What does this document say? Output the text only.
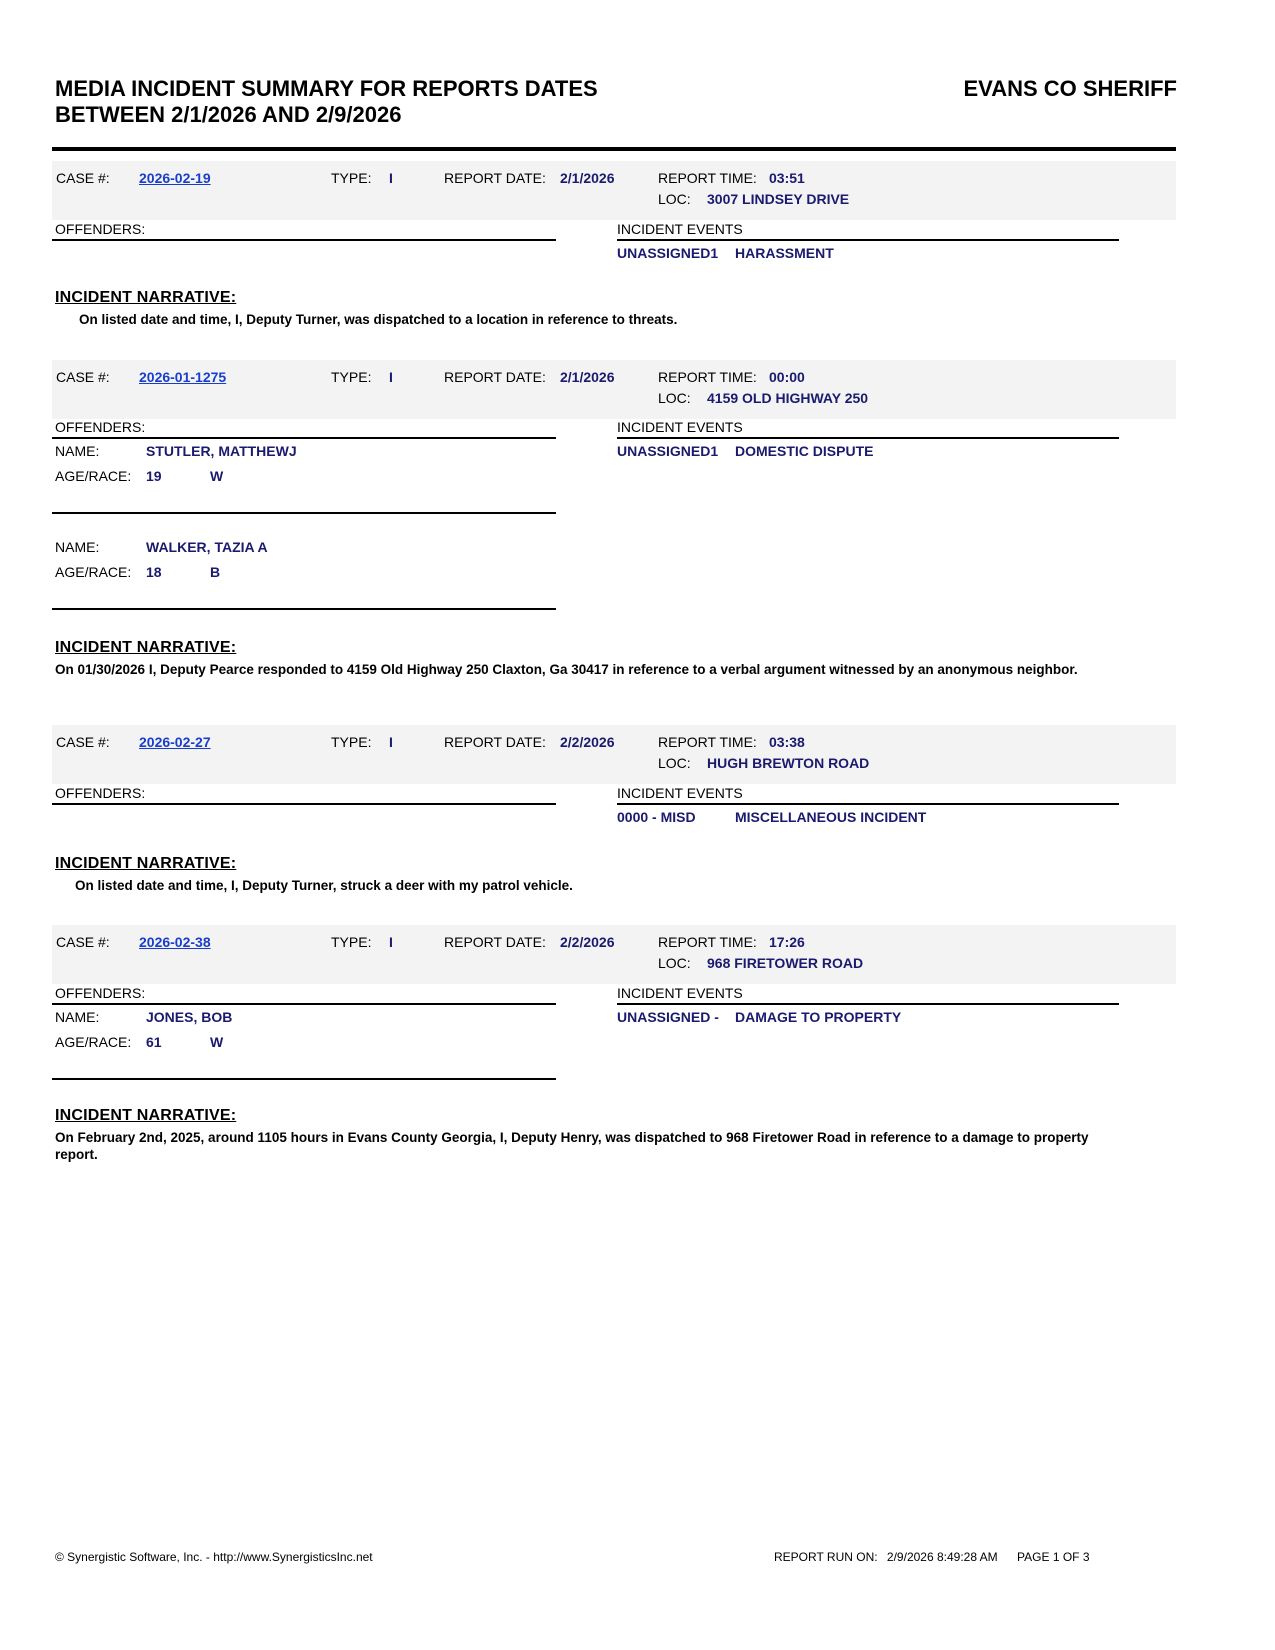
MEDIA INCIDENT SUMMARY FOR REPORTS DATES
BETWEEN 2/1/2026 AND 2/9/2026
EVANS CO SHERIFF
CASE #: 2026-02-19	TYPE: I	REPORT DATE: 2/1/2026	REPORT TIME: 03:51
LOC: 3007 LINDSEY DRIVE
OFFENDERS:	INCIDENT EVENTS
UNASSIGNED1 HARASSMENT
INCIDENT NARRATIVE:
On listed date and time, I, Deputy Turner, was dispatched to a location in reference to threats.
CASE #: 2026-01-1275	TYPE: I	REPORT DATE: 2/1/2026	REPORT TIME: 00:00
LOC: 4159 OLD HIGHWAY 250
OFFENDERS:	INCIDENT EVENTS
UNASSIGNED1 DOMESTIC DISPUTE
NAME:	STUTLER, MATTHEWJ
AGE/RACE: 19	W
NAME:	WALKER, TAZIA A
AGE/RACE: 18	B
INCIDENT NARRATIVE:
On 01/30/2026 I, Deputy Pearce responded to 4159 Old Highway 250 Claxton, Ga 30417 in reference to a verbal argument witnessed by an anonymous neighbor.
CASE #: 2026-02-27	TYPE: I	REPORT DATE: 2/2/2026	REPORT TIME: 03:38
LOC: HUGH BREWTON ROAD
OFFENDERS:	INCIDENT EVENTS
0000 - MISD	MISCELLANEOUS INCIDENT
INCIDENT NARRATIVE:
On listed date and time, I, Deputy Turner, struck a deer with my patrol vehicle.
CASE #: 2026-02-38	TYPE: I	REPORT DATE: 2/2/2026	REPORT TIME: 17:26
LOC: 968 FIRETOWER ROAD
OFFENDERS:	INCIDENT EVENTS
UNASSIGNED - DAMAGE TO PROPERTY
NAME:	JONES, BOB
AGE/RACE: 61	W
INCIDENT NARRATIVE:
On February 2nd, 2025, around 1105 hours in Evans County Georgia, I, Deputy Henry, was dispatched to 968 Firetower Road in reference to a damage to property report.
© Synergistic Software, Inc. - http://www.SynergisticsInc.net	REPORT RUN ON: 2/9/2026 8:49:28 AM PAGE 1 OF 3
